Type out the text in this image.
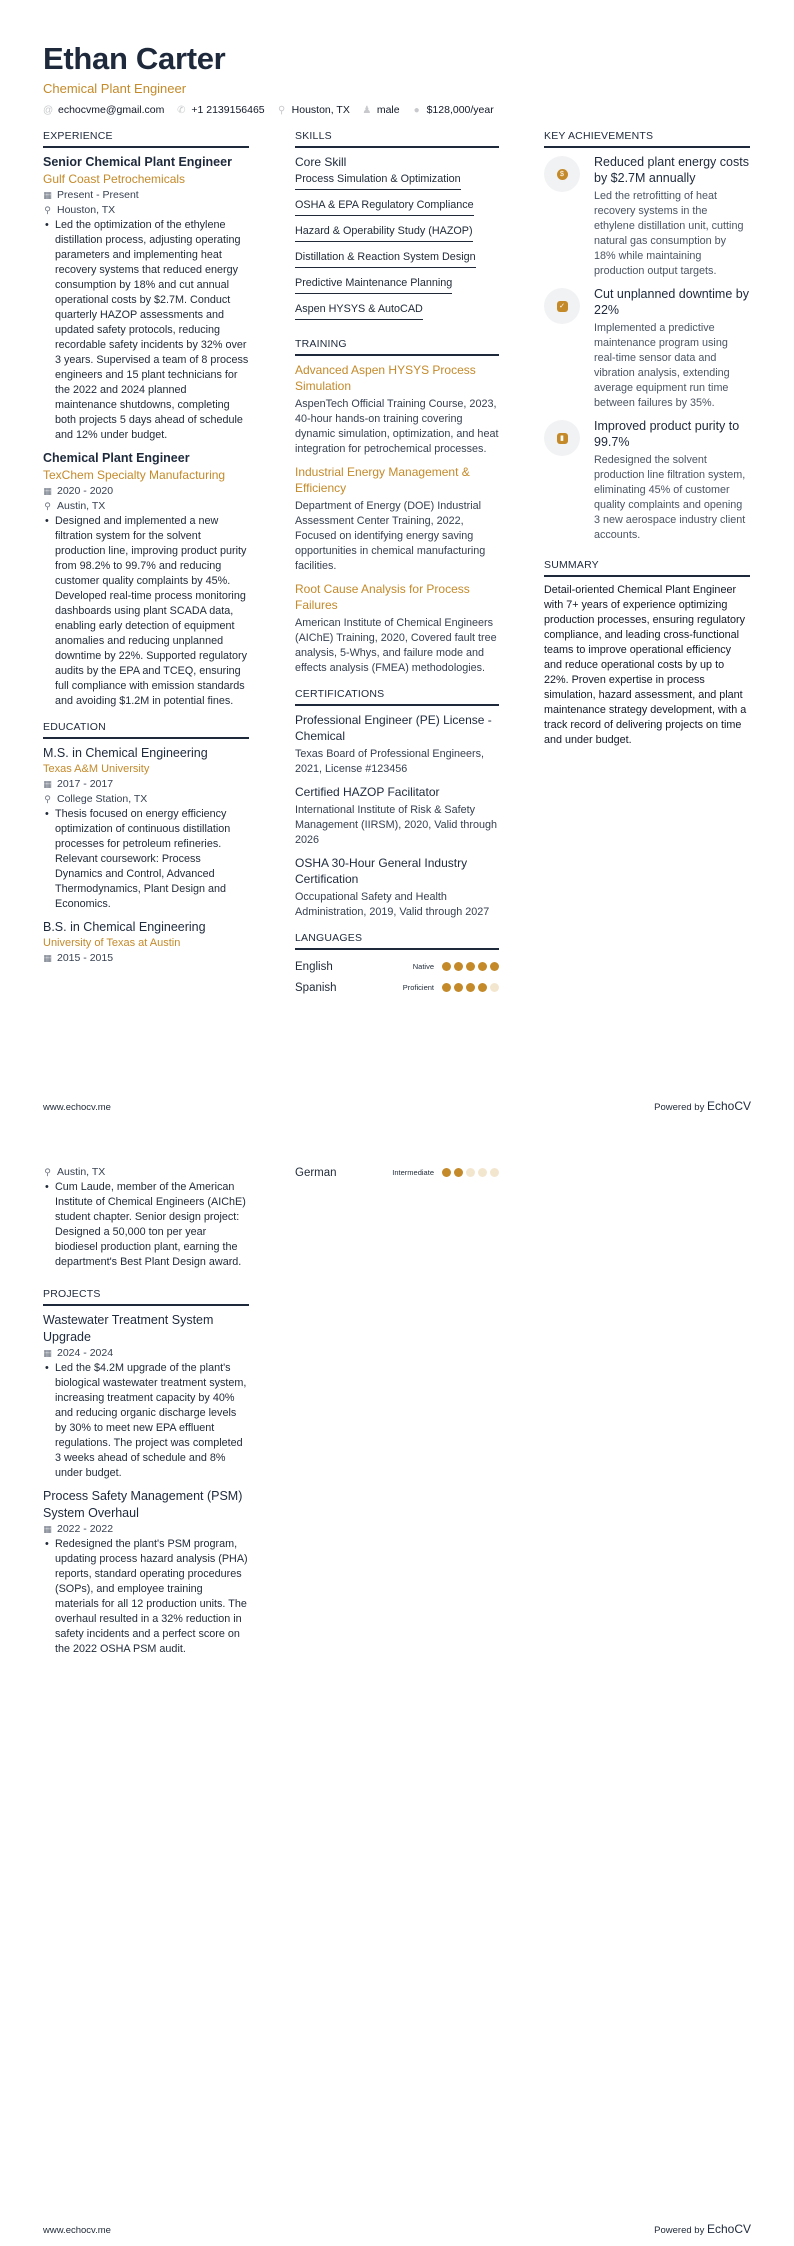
Ethan Carter
Chemical Plant Engineer
@ echocvme@gmail.com ✆ +1 2139156465 ⚲ Houston, TX ♟ male ● $128,000/year
EXPERIENCE
Senior Chemical Plant Engineer
Gulf Coast Petrochemicals
▦ Present - Present
⚲ Houston, TX
• Led the optimization of the ethylene distillation process, adjusting operating parameters and implementing heat recovery systems that reduced energy consumption by 18% and cut annual operational costs by $2.7M. Conduct quarterly HAZOP assessments and updated safety protocols, reducing recordable safety incidents by 32% over 3 years. Supervised a team of 8 process engineers and 15 plant technicians for the 2022 and 2024 planned maintenance shutdowns, completing both projects 5 days ahead of schedule and 12% under budget.
Chemical Plant Engineer
TexChem Specialty Manufacturing
▦ 2020 - 2020
⚲ Austin, TX
• Designed and implemented a new filtration system for the solvent production line, improving product purity from 98.2% to 99.7% and reducing customer quality complaints by 45%. Developed real-time process monitoring dashboards using plant SCADA data, enabling early detection of equipment anomalies and reducing unplanned downtime by 22%. Supported regulatory audits by the EPA and TCEQ, ensuring full compliance with emission standards and avoiding $1.2M in potential fines.
EDUCATION
M.S. in Chemical Engineering
Texas A&M University
▦ 2017 - 2017
⚲ College Station, TX
• Thesis focused on energy efficiency optimization of continuous distillation processes for petroleum refineries. Relevant coursework: Process Dynamics and Control, Advanced Thermodynamics, Plant Design and Economics.
B.S. in Chemical Engineering
University of Texas at Austin
▦ 2015 - 2015
SKILLS
Core Skill
Process Simulation & Optimization
OSHA & EPA Regulatory Compliance
Hazard & Operability Study (HAZOP)
Distillation & Reaction System Design
Predictive Maintenance Planning
Aspen HYSYS & AutoCAD
TRAINING
Advanced Aspen HYSYS Process Simulation
AspenTech Official Training Course, 2023, 40-hour hands-on training covering dynamic simulation, optimization, and heat integration for petrochemical processes.
Industrial Energy Management & Efficiency
Department of Energy (DOE) Industrial Assessment Center Training, 2022, Focused on identifying energy saving opportunities in chemical manufacturing facilities.
Root Cause Analysis for Process Failures
American Institute of Chemical Engineers (AIChE) Training, 2020, Covered fault tree analysis, 5-Whys, and failure mode and effects analysis (FMEA) methodologies.
CERTIFICATIONS
Professional Engineer (PE) License - Chemical
Texas Board of Professional Engineers, 2021, License #123456
Certified HAZOP Facilitator
International Institute of Risk & Safety Management (IIRSM), 2020, Valid through 2026
OSHA 30-Hour General Industry Certification
Occupational Safety and Health Administration, 2019, Valid through 2027
LANGUAGES
English	Native
Spanish	Proficient
KEY ACHIEVEMENTS
$
Reduced plant energy costs by $2.7M annually
Led the retrofitting of heat recovery systems in the ethylene distillation unit, cutting natural gas consumption by 18% while maintaining production output targets.
✓
Cut unplanned downtime by 22%
Implemented a predictive maintenance program using real-time sensor data and vibration analysis, extending average equipment run time between failures by 35%.
▮
Improved product purity to 99.7%
Redesigned the solvent production line filtration system, eliminating 45% of customer quality complaints and opening 3 new aerospace industry client accounts.
SUMMARY
Detail-oriented Chemical Plant Engineer with 7+ years of experience optimizing production processes, ensuring regulatory compliance, and leading cross-functional teams to improve operational efficiency and reduce operational costs by up to 22%. Proven expertise in process simulation, hazard assessment, and plant maintenance strategy development, with a track record of delivering projects on time and under budget.
www.echocv.me	Powered by EchoCV
⚲ Austin, TX
• Cum Laude, member of the American Institute of Chemical Engineers (AIChE) student chapter. Senior design project: Designed a 50,000 ton per year biodiesel production plant, earning the department's Best Plant Design award.
PROJECTS
Wastewater Treatment System Upgrade
▦ 2024 - 2024
• Led the $4.2M upgrade of the plant's biological wastewater treatment system, increasing treatment capacity by 40% and reducing organic discharge levels by 30% to meet new EPA effluent regulations. The project was completed 3 weeks ahead of schedule and 8% under budget.
Process Safety Management (PSM) System Overhaul
▦ 2022 - 2022
• Redesigned the plant's PSM program, updating process hazard analysis (PHA) reports, standard operating procedures (SOPs), and employee training materials for all 12 production units. The overhaul resulted in a 32% reduction in safety incidents and a perfect score on the 2022 OSHA PSM audit.
German	Intermediate
www.echocv.me	Powered by EchoCV
